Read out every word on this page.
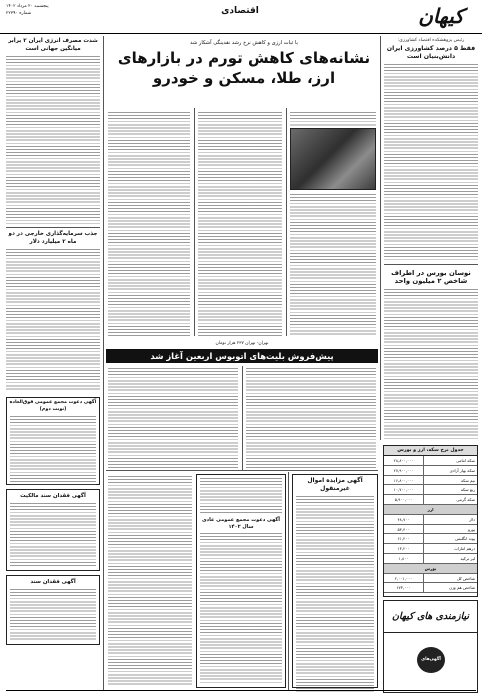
کیهان
اقتصادی
پنجشنبه ۲۰ مرداد ۱۴۰۲
شماره ۲۲۳۹۰
رئیس پژوهشکده اقتصاد کشاورزی:
فقط ۵ درصد کشاورزی ایران دانش‌بنیان است
نوسان بورس در اطراف شاخص ۲ میلیون واحد
با ثبات ارزی و کاهش نرخ رشد نقدینگی آشکار شد
نشانه‌های کاهش تورم در بازارهای ارز، طلا، مسکن و خودرو
تهران- تهران ۲۳۷ هزار تومان
پیش‌فروش بلیت‌های اتوبوس اربعین آغاز شد
آگهی مزایده اموال غیرمنقول
آگهی دعوت مجمع عمومی عادی سال ۱۴۰۲
شدت مصرف انرژی ایران ۲ برابر میانگین جهانی است
جذب سرمایه‌گذاری خارجی در دو ماه ۲ میلیارد دلار
آگهی دعوت مجمع عمومی فوق‌العاده (نوبت دوم)
آگهی فقدان سند مالکیت
آگهی فقدان سند
جدول نرخ سکه، ارز و بورس
سکه امامی
۲۸,۸۰۰,۰۰۰
سکه بهار آزادی
۲۷,۹۰۰,۰۰۰
نیم سکه
۱۶,۸۰۰,۰۰۰
ربع سکه
۱۰,۷۰۰,۰۰۰
سکه گرمی
۵,۹۰۰,۰۰۰
ارز
دلار
۴۸,۷۰۰
یورو
۵۳,۴۰۰
پوند انگلیس
۶۱,۲۰۰
درهم امارات
۱۳,۲۰۰
لیر ترکیه
۱,۸۰۰
بورس
شاخص کل
۲,۰۰۱,۰۰۰
شاخص هم وزن
۶۷۳,۰۰۰
نیازمندی های کیهان
آگهی‌های شما
